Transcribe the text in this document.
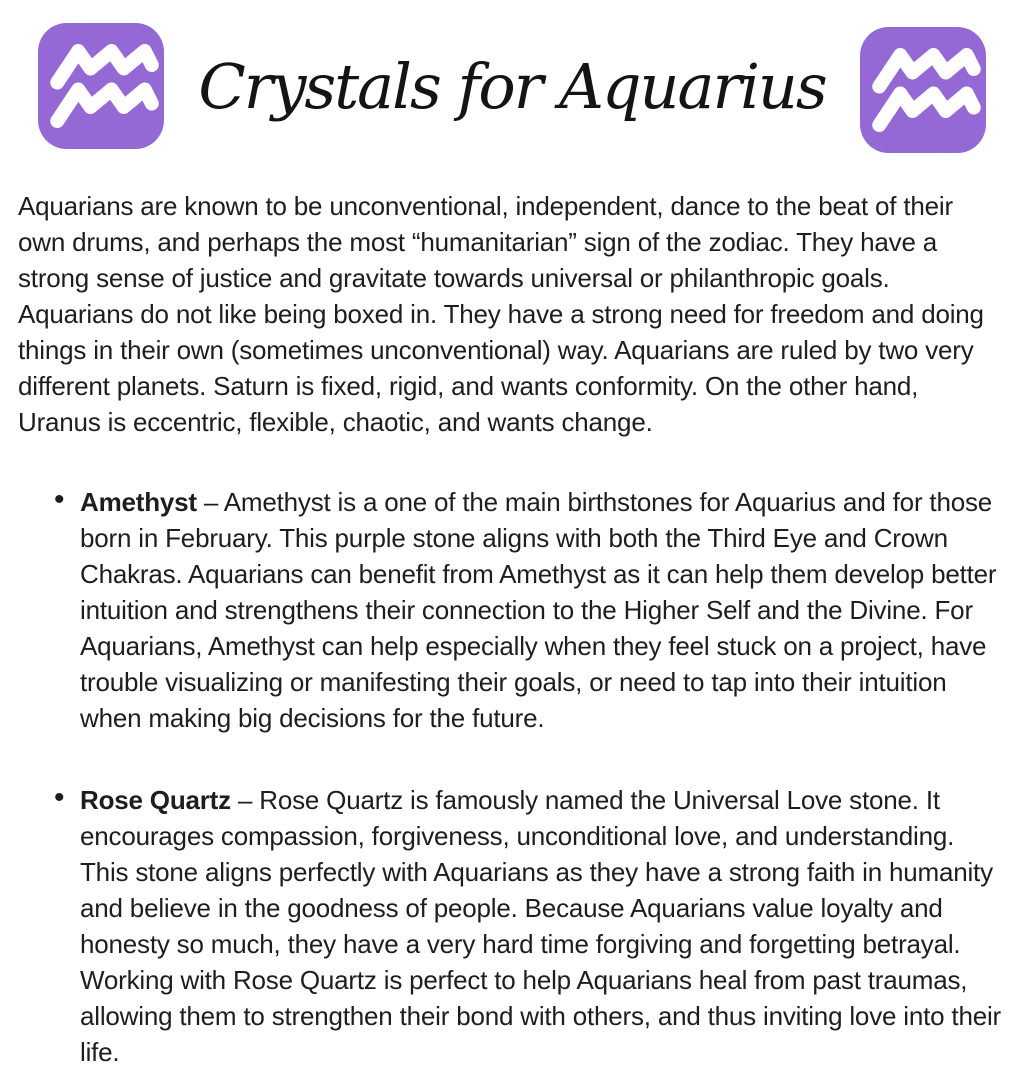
Crystals for Aquarius

Aquarians are known to be unconventional, independent, dance to the beat of their own drums, and perhaps the most “humanitarian” sign of the zodiac. They have a strong sense of justice and gravitate towards universal or philanthropic goals. Aquarians do not like being boxed in. They have a strong need for freedom and doing things in their own (sometimes unconventional) way. Aquarians are ruled by two very different planets. Saturn is fixed, rigid, and wants conformity. On the other hand, Uranus is eccentric, flexible, chaotic, and wants change.

• Amethyst – Amethyst is a one of the main birthstones for Aquarius and for those born in February. This purple stone aligns with both the Third Eye and Crown Chakras. Aquarians can benefit from Amethyst as it can help them develop better intuition and strengthens their connection to the Higher Self and the Divine. For Aquarians, Amethyst can help especially when they feel stuck on a project, have trouble visualizing or manifesting their goals, or need to tap into their intuition when making big decisions for the future.
• Rose Quartz – Rose Quartz is famously named the Universal Love stone. It encourages compassion, forgiveness, unconditional love, and understanding. This stone aligns perfectly with Aquarians as they have a strong faith in humanity and believe in the goodness of people. Because Aquarians value loyalty and honesty so much, they have a very hard time forgiving and forgetting betrayal. Working with Rose Quartz is perfect to help Aquarians heal from past traumas, allowing them to strengthen their bond with others, and thus inviting love into their life.
